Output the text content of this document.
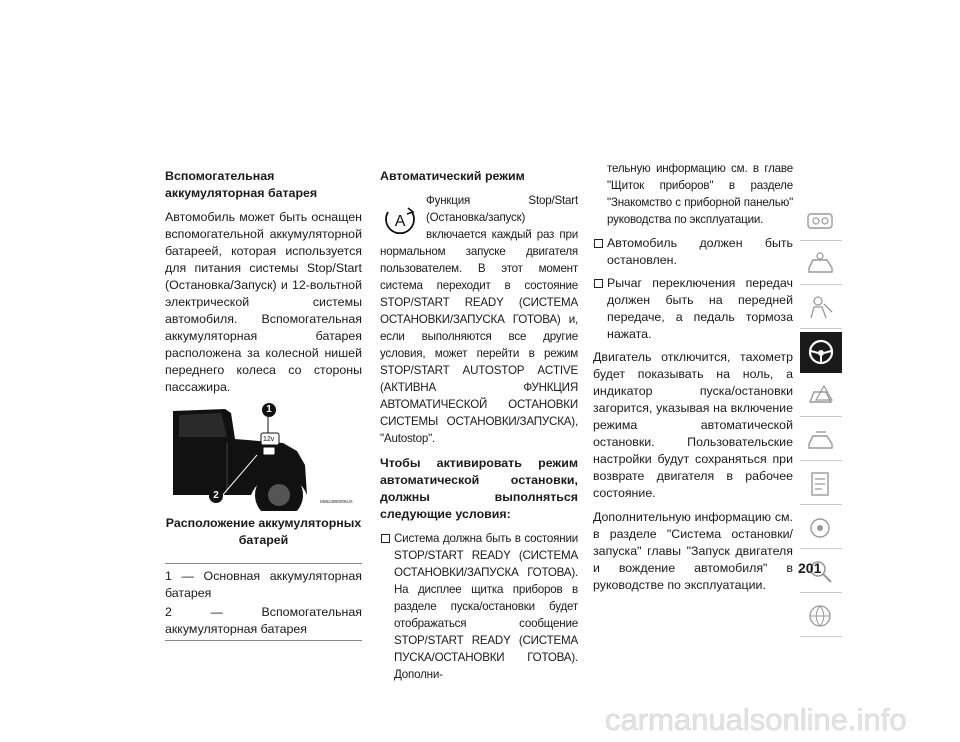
Вспомогательная аккумуляторная батарея

Автомобиль может быть оснащен вспомогательной аккумуляторной батареей, которая используется для питания системы Stop/Start (Остановка/Запуск) и 12-вольтной электрической системы автомобиля. Вспомогательная аккумуляторная батарея расположена за колесной нишей переднего колеса со стороны пассажира.

1
2
12v
M0624090006US
Расположение аккумуляторных батарей
1 — Основная аккумуляторная батарея
2 — Вспомогательная аккумуляторная батарея
Автоматический режим
A
Функция Stop/Start (Остановка/запуск) включается каждый раз при нормальном запуске двигателя пользователем. В этот момент система переходит в состояние STOP/START READY (СИСТЕМА ОСТАНОВКИ/ЗАПУСКА ГОТОВА) и, если выполняются все другие условия, может перейти в режим STOP/START AUTOSTOP ACTIVE (АКТИВНА ФУНКЦИЯ АВТОМАТИЧЕСКОЙ ОСТАНОВКИ СИСТЕМЫ ОСТАНОВКИ/ЗАПУСКА), "Autostop".
Чтобы активировать режим автоматической остановки, должны выполняться следующие условия:
Система должна быть в состоянии STOP/START READY (СИСТЕМА ОСТАНОВКИ/ЗАПУСКА ГОТОВА). На дисплее щитка приборов в разделе пуска/остановки будет отображаться сообщение STOP/START READY (СИСТЕМА ПУСКА/ОСТАНОВКИ ГОТОВА). Дополни-
тельную информацию см. в главе "Щиток приборов" в разделе "Знакомство с приборной панелью" руководства по эксплуатации.
Автомобиль должен быть остановлен.
Рычаг переключения передач должен быть на передней передаче, а педаль тормоза нажата.

Двигатель отключится, тахометр будет показывать на ноль, а индикатор пуска/остановки загорится, указывая на включение режима автоматической остановки. Пользовательские настройки будут сохраняться при возврате двигателя в рабочее состояние.

Дополнительную информацию см. в разделе "Система остановки/запуска" главы "Запуск двигателя и вождение автомобиля" в руководстве по эксплуатации.

201
carmanualsonline.info
